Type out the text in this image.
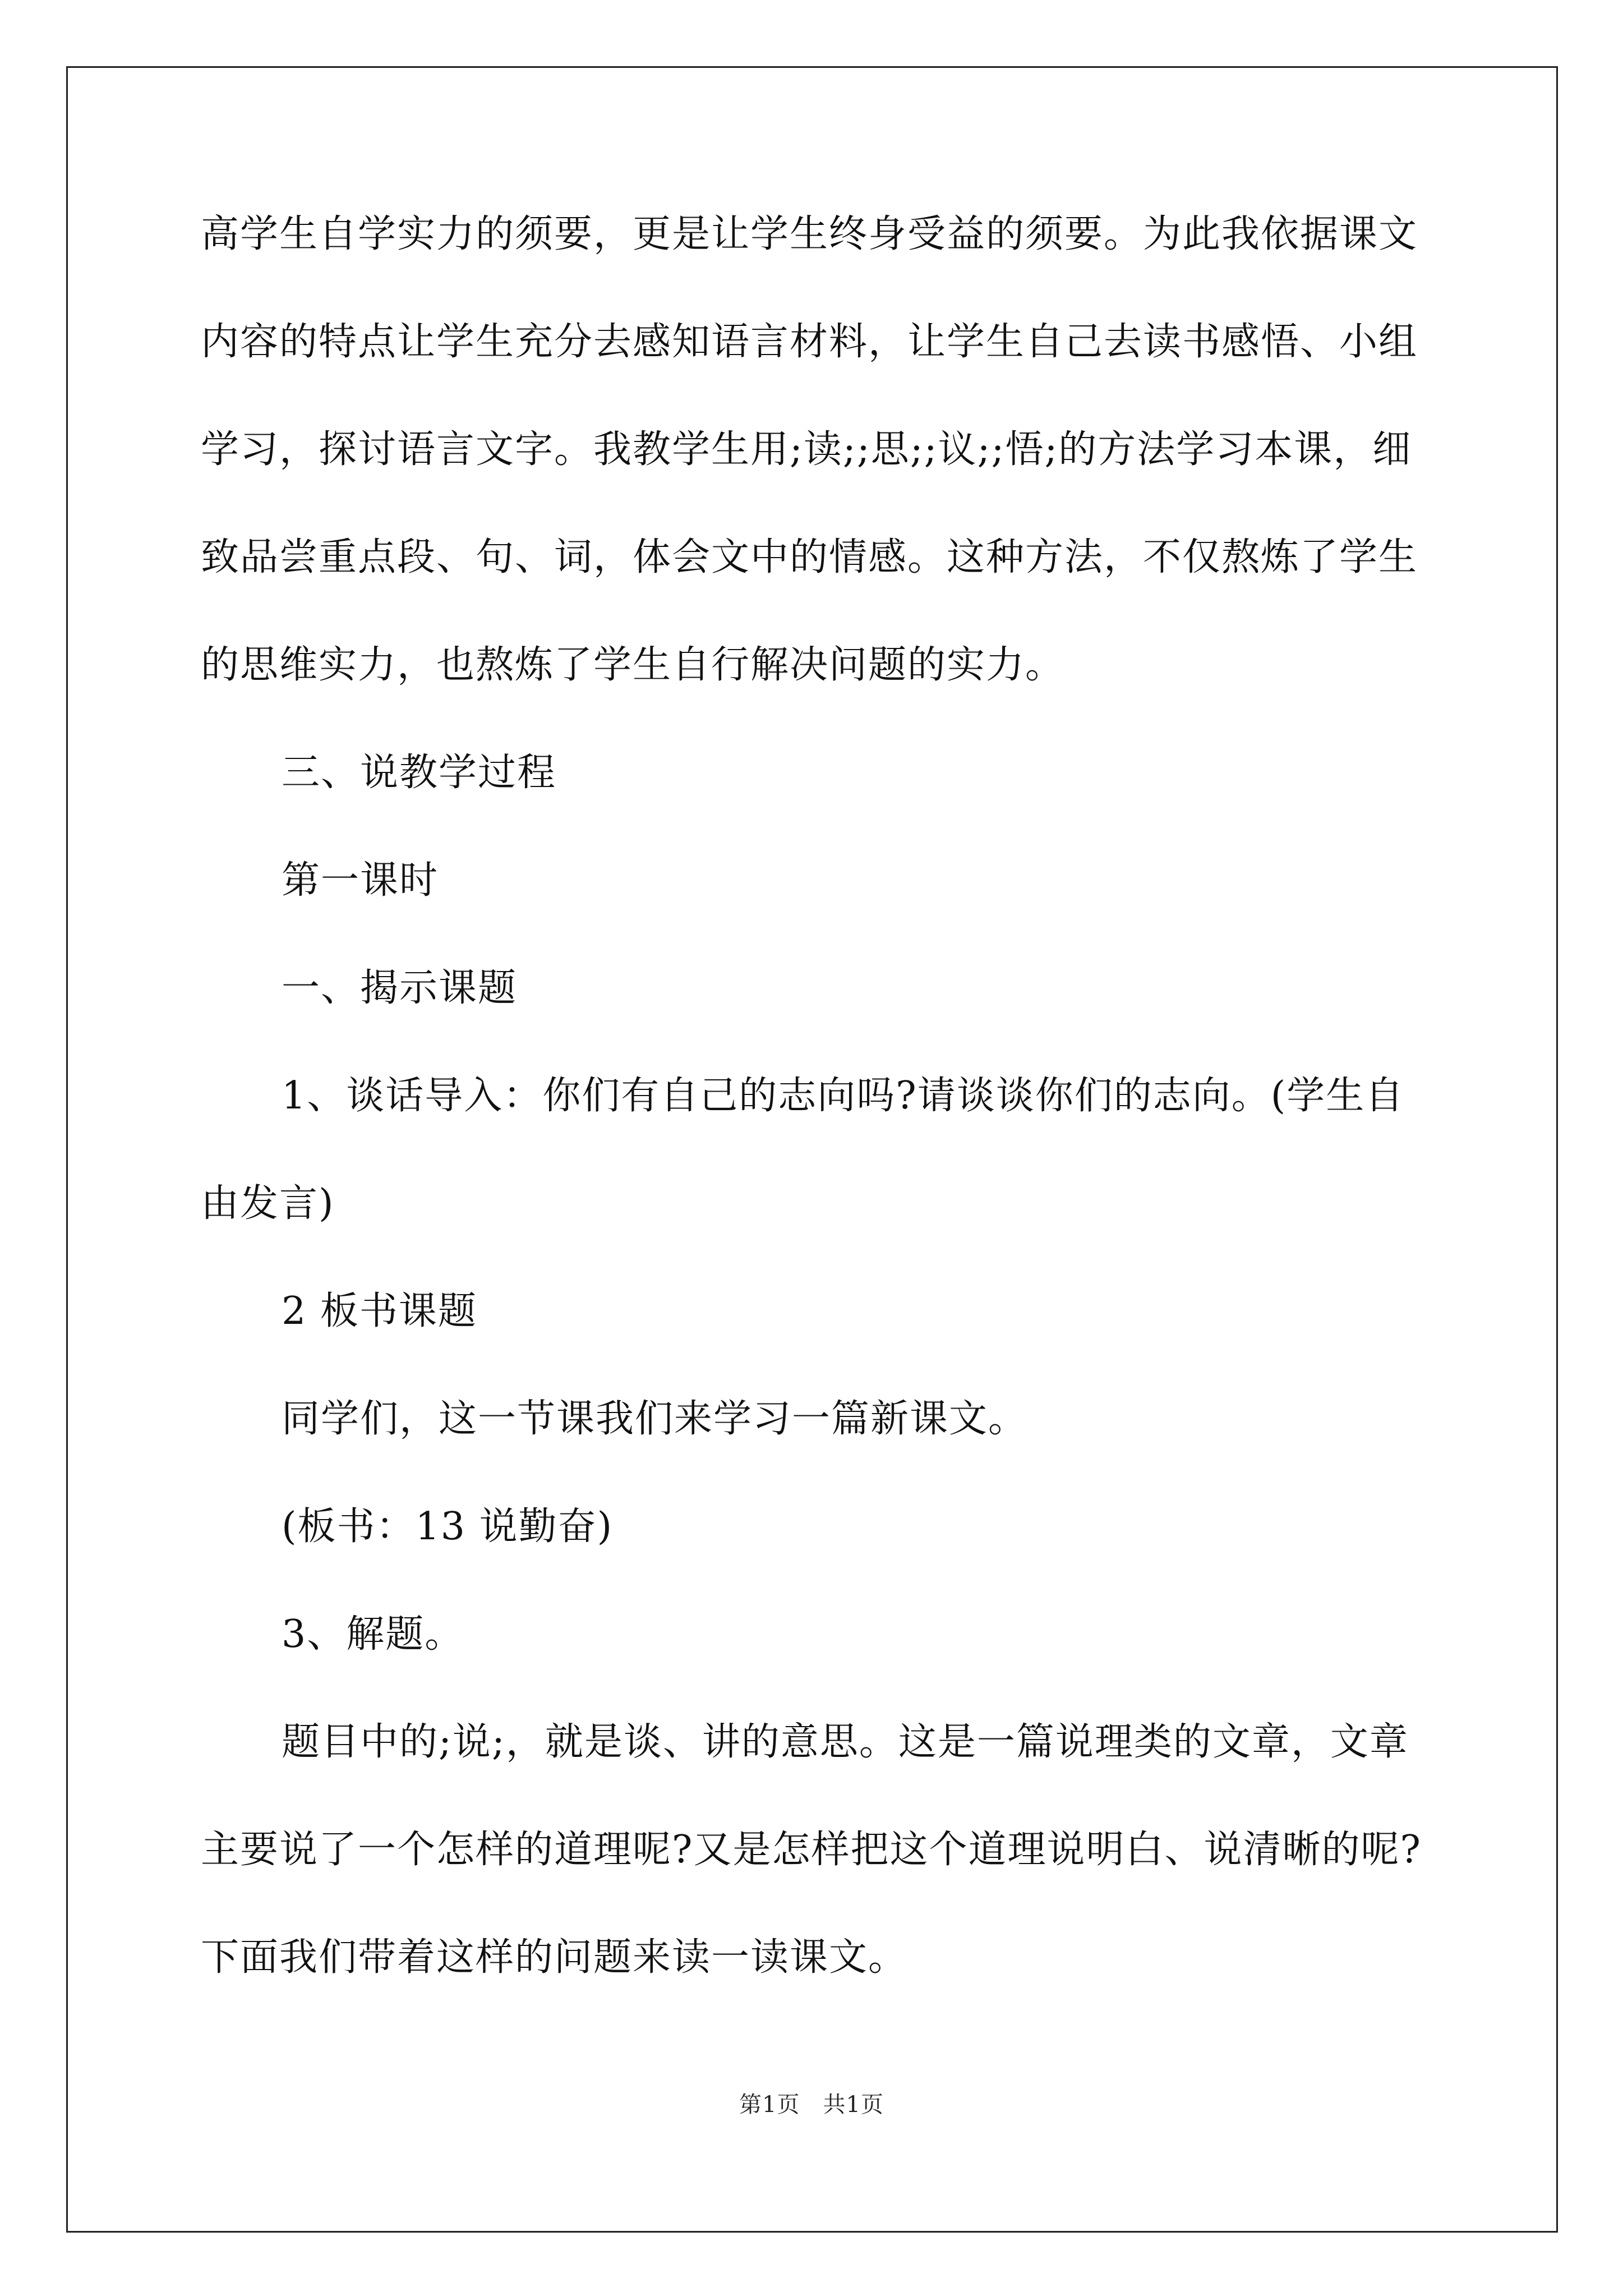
高学生自学实力的须要，更是让学生终身受益的须要。为此我依据课文内容的特点让学生充分去感知语言材料，让学生自己去读书感悟、小组学习，探讨语言文字。我教学生用;读;;思;;议;;悟;的方法学习本课，细致品尝重点段、句、词，体会文中的情感。这种方法，不仅熬炼了学生的思维实力，也熬炼了学生自行解决问题的实力。

三、说教学过程

第一课时

一、揭示课题

1、谈话导入：你们有自己的志向吗?请谈谈你们的志向。(学生自由发言)

2 板书课题

同学们，这一节课我们来学习一篇新课文。

(板书：13 说勤奋)

3、解题。

题目中的;说;，就是谈、讲的意思。这是一篇说理类的文章，文章主要说了一个怎样的道理呢?又是怎样把这个道理说明白、说清晰的呢?下面我们带着这样的问题来读一读课文。

第1页　共1页
